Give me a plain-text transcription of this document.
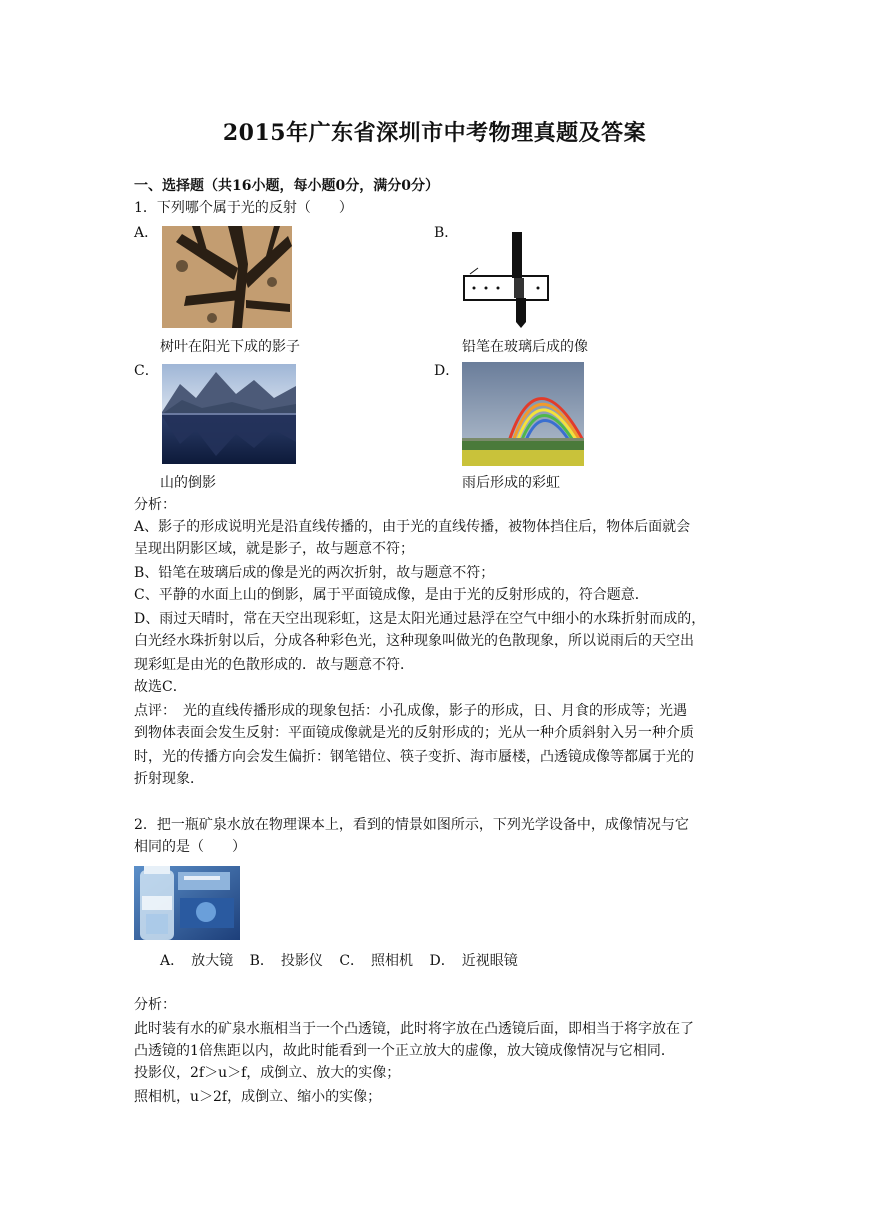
2015年广东省深圳市中考物理真题及答案
一、选择题（共16小题，每小题0分，满分0分）
1．下列哪个属于光的反射（　　）
A．
树叶在阳光下成的影子
B．
铅笔在玻璃后成的像
C．
山的倒影
D．
雨后形成的彩虹
分析：
A、影子的形成说明光是沿直线传播的，由于光的直线传播，被物体挡住后，物体后面就会
呈现出阴影区域，就是影子，故与题意不符；
B、铅笔在玻璃后成的像是光的两次折射，故与题意不符；
C、平静的水面上山的倒影，属于平面镜成像，是由于光的反射形成的，符合题意．
D、雨过天晴时，常在天空出现彩虹，这是太阳光通过悬浮在空气中细小的水珠折射而成的，
白光经水珠折射以后，分成各种彩色光，这种现象叫做光的色散现象，所以说雨后的天空出
现彩虹是由光的色散形成的．故与题意不符．
故选C．
点评：　光的直线传播形成的现象包括：小孔成像，影子的形成，日、月食的形成等；光遇
到物体表面会发生反射：平面镜成像就是光的反射形成的；光从一种介质斜射入另一种介质
时，光的传播方向会发生偏折：钢笔错位、筷子变折、海市蜃楼，凸透镜成像等都属于光的
折射现象．
2．把一瓶矿泉水放在物理课本上，看到的情景如图所示，下列光学设备中，成像情况与它
相同的是（　　）
A．　放大镜 B．　投影仪 C．　照相机 D．　近视眼镜
分析：
此时装有水的矿泉水瓶相当于一个凸透镜，此时将字放在凸透镜后面，即相当于将字放在了
凸透镜的1倍焦距以内，故此时能看到一个正立放大的虚像，放大镜成像情况与它相同．
投影仪，2f＞u＞f，成倒立、放大的实像；
照相机，u＞2f，成倒立、缩小的实像；
